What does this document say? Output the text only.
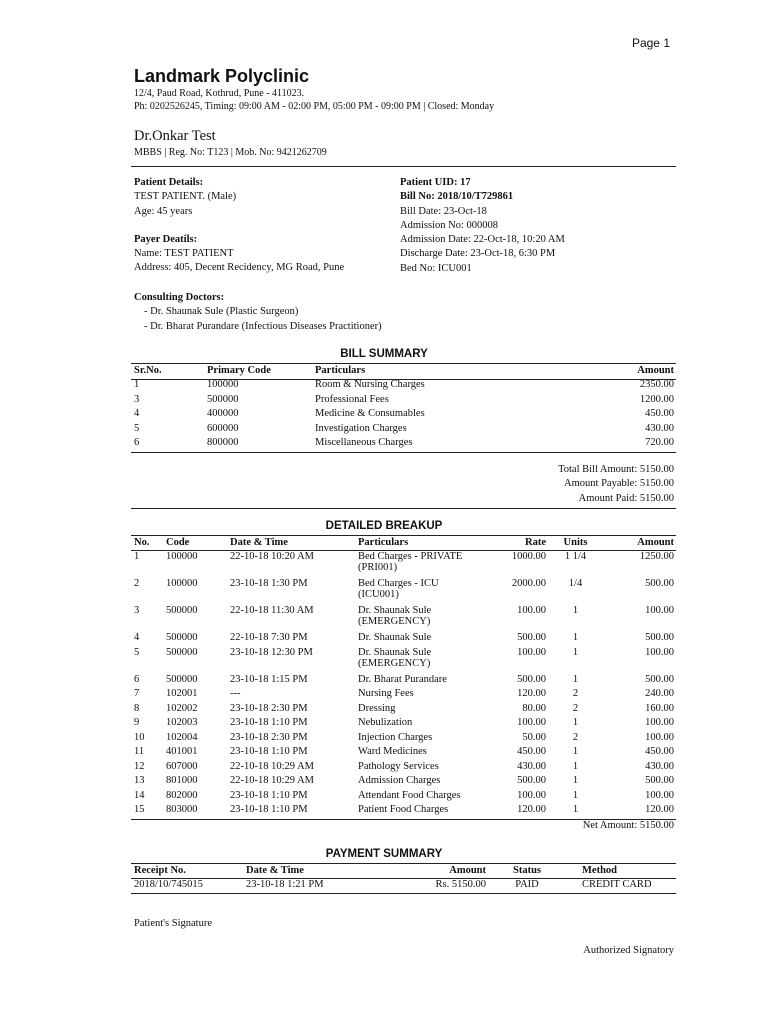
Page 1
Landmark Polyclinic
12/4, Paud Road, Kothrud, Pune - 411023.
Ph: 0202526245, Timing: 09:00 AM - 02:00 PM, 05:00 PM - 09:00 PM | Closed: Monday
Dr.Onkar Test
MBBS | Reg. No: T123 | Mob. No: 9421262709
Patient Details:
TEST PATIENT. (Male)
Age: 45 years
Payer Deatils:
Name: TEST PATIENT
Address: 405, Decent Recidency, MG Road, Pune
Patient UID: 17
Bill No: 2018/10/T729861
Bill Date: 23-Oct-18
Admission No: 000008
Admission Date: 22-Oct-18, 10:20 AM
Discharge Date: 23-Oct-18, 6:30 PM
Bed No: ICU001
Consulting Doctors:
- Dr. Shaunak Sule (Plastic Surgeon)
- Dr. Bharat Purandare (Infectious Diseases Practitioner)
BILL SUMMARY
Sr.No.	Primary Code	Particulars	Amount
1	100000	Room & Nursing Charges	2350.00
3	500000	Professional Fees	1200.00
4	400000	Medicine & Consumables	450.00
5	600000	Investigation Charges	430.00
6	800000	Miscellaneous Charges	720.00
Total Bill Amount: 5150.00
Amount Payable: 5150.00
Amount Paid: 5150.00
DETAILED BREAKUP
No.	Code	Date & Time	Particulars	Rate	Units	Amount
1	100000	22-10-18 10:20 AM	Bed Charges - PRIVATE
(PRI001)	1000.00	1 1/4	1250.00
2	100000	23-10-18 1:30 PM	Bed Charges - ICU
(ICU001)	2000.00	1/4	500.00
3	500000	22-10-18 11:30 AM	Dr. Shaunak Sule
(EMERGENCY)	100.00	1	100.00
4	500000	22-10-18 7:30 PM	Dr. Shaunak Sule	500.00	1	500.00
5	500000	23-10-18 12:30 PM	Dr. Shaunak Sule
(EMERGENCY)	100.00	1	100.00
6	500000	23-10-18 1:15 PM	Dr. Bharat Purandare	500.00	1	500.00
7	102001	---	Nursing Fees	120.00	2	240.00
8	102002	23-10-18 2:30 PM	Dressing	80.00	2	160.00
9	102003	23-10-18 1:10 PM	Nebulization	100.00	1	100.00
10	102004	23-10-18 2:30 PM	Injection Charges	50.00	2	100.00
11	401001	23-10-18 1:10 PM	Ward Medicines	450.00	1	450.00
12	607000	22-10-18 10:29 AM	Pathology Services	430.00	1	430.00
13	801000	22-10-18 10:29 AM	Admission Charges	500.00	1	500.00
14	802000	23-10-18 1:10 PM	Attendant Food Charges	100.00	1	100.00
15	803000	23-10-18 1:10 PM	Patient Food Charges	120.00	1	120.00
Net Amount: 5150.00
PAYMENT SUMMARY
Receipt No.	Date & Time	Amount	Status	Method
2018/10/745015	23-10-18 1:21 PM	Rs. 5150.00	PAID	CREDIT CARD
Patient's Signature
Authorized Signatory
